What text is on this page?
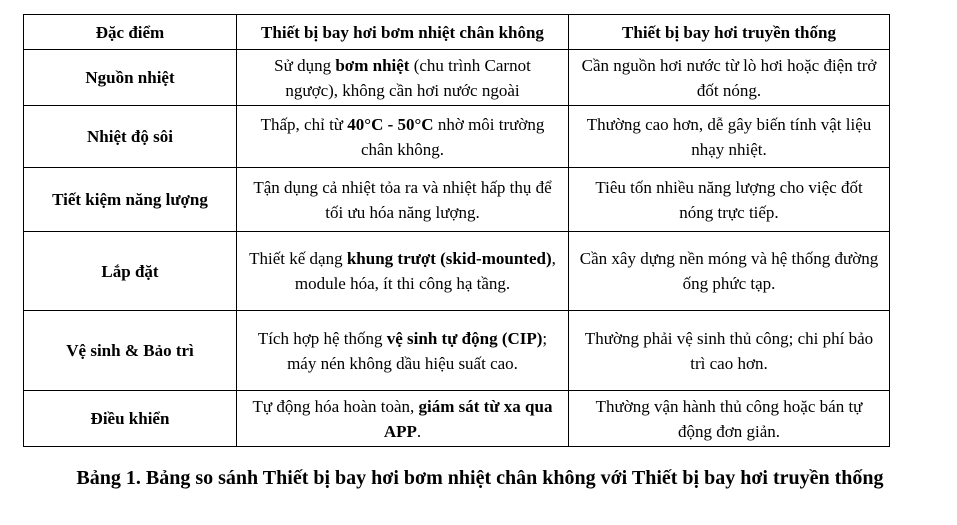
Đặc điểm	Thiết bị bay hơi bơm nhiệt chân không	Thiết bị bay hơi truyền thống
Nguồn nhiệt	Sử dụng bơm nhiệt (chu trình Carnot ngược), không cần hơi nước ngoài	Cần nguồn hơi nước từ lò hơi hoặc điện trở đốt nóng.
Nhiệt độ sôi	Thấp, chỉ từ 40°C - 50°C nhờ môi trường chân không.	Thường cao hơn, dễ gây biến tính vật liệu nhạy nhiệt.
Tiết kiệm năng lượng	Tận dụng cả nhiệt tỏa ra và nhiệt hấp thụ để tối ưu hóa năng lượng.	Tiêu tốn nhiều năng lượng cho việc đốt nóng trực tiếp.
Lắp đặt	Thiết kế dạng khung trượt (skid-mounted), module hóa, ít thi công hạ tầng.	Cần xây dựng nền móng và hệ thống đường ống phức tạp.
Vệ sinh & Bảo trì	Tích hợp hệ thống vệ sinh tự động (CIP); máy nén không dầu hiệu suất cao.	Thường phải vệ sinh thủ công; chi phí bảo trì cao hơn.
Điều khiển	Tự động hóa hoàn toàn, giám sát từ xa qua APP.	Thường vận hành thủ công hoặc bán tự động đơn giản.
Bảng 1. Bảng so sánh Thiết bị bay hơi bơm nhiệt chân không với Thiết bị bay hơi truyền thống
